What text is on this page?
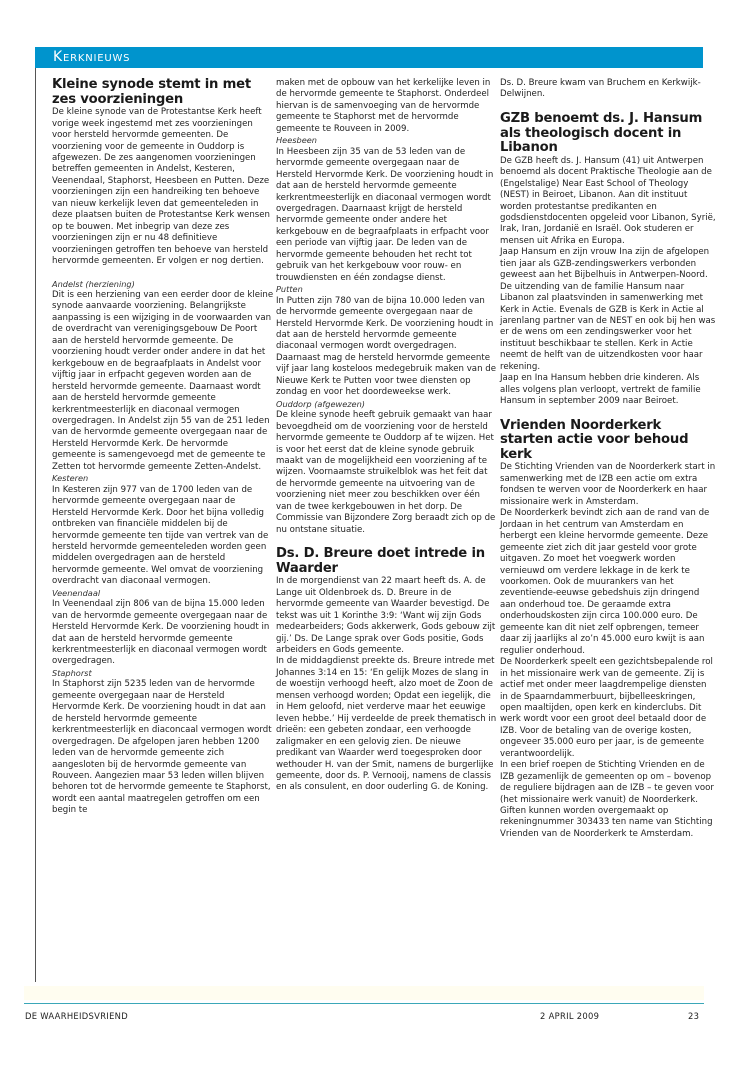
Kerknieuws
Kleine synode stemt in met zes voorzieningen

De kleine synode van de Protestantse Kerk heeft vorige week ingestemd met zes voorzieningen voor hersteld hervormde gemeenten. De voorziening voor de gemeente in Ouddorp is afgewezen. De zes aangenomen voorzieningen betreffen gemeenten in Andelst, Kesteren, Veenendaal, Staphorst, Heesbeen en Putten. Deze voorzieningen zijn een handreiking ten behoeve van nieuw kerkelijk leven dat gemeenteleden in deze plaatsen buiten de Protestantse Kerk wensen op te bouwen. Met inbegrip van deze zes voorzieningen zijn er nu 48 definitieve voorzieningen getroffen ten behoeve van hersteld hervormde gemeenten. Er volgen er nog dertien.

Andelst (herziening)

Dit is een herziening van een eerder door de kleine synode aanvaarde voorziening. Belangrijkste aanpassing is een wijziging in de voorwaarden van de overdracht van verenigingsgebouw De Poort aan de hersteld hervormde gemeente. De voorziening houdt verder onder andere in dat het kerkgebouw en de begraafplaats in Andelst voor vijftig jaar in erfpacht gegeven worden aan de hersteld hervormde gemeente. Daarnaast wordt aan de hersteld hervormde gemeente kerkrentmeesterlijk en diaconaal vermogen overgedragen. In Andelst zijn 55 van de 251 leden van de hervormde gemeente overgegaan naar de Hersteld Hervormde Kerk. De hervormde gemeente is samengevoegd met de gemeente te Zetten tot hervormde gemeente Zetten-Andelst.

Kesteren

In Kesteren zijn 977 van de 1700 leden van de hervormde gemeente overgegaan naar de Hersteld Hervormde Kerk. Door het bijna volledig ontbreken van financiële middelen bij de hervormde gemeente ten tijde van vertrek van de hersteld hervormde gemeenteleden worden geen middelen overgedragen aan de hersteld hervormde gemeente. Wel omvat de voorziening overdracht van diaconaal vermogen.

Veenendaal

In Veenendaal zijn 806 van de bijna 15.000 leden van de hervormde gemeente overgegaan naar de Hersteld Hervormde Kerk. De voorziening houdt in dat aan de hersteld hervormde gemeente kerkrentmeesterlijk en diaconaal vermogen wordt overgedragen.

Staphorst

In Staphorst zijn 5235 leden van de hervormde gemeente overgegaan naar de Hersteld Hervormde Kerk. De voorziening houdt in dat aan de hersteld hervormde gemeente kerkrentmeesterlijk en diaconcaal vermogen wordt overgedragen. De afgelopen jaren hebben 1200 leden van de hervormde gemeente zich aangesloten bij de hervormde gemeente van Rouveen. Aangezien maar 53 leden willen blijven behoren tot de hervormde gemeente te Staphorst, wordt een aantal maatregelen getroffen om een begin te

maken met de opbouw van het kerkelijke leven in de hervormde gemeente te Staphorst. Onderdeel hiervan is de samenvoeging van de hervormde gemeente te Staphorst met de hervormde gemeente te Rouveen in 2009.

Heesbeen

In Heesbeen zijn 35 van de 53 leden van de hervormde gemeente overgegaan naar de Hersteld Hervormde Kerk. De voorziening houdt in dat aan de hersteld hervormde gemeente kerkrentmeesterlijk en diaconaal vermogen wordt overgedragen. Daarnaast krijgt de hersteld hervormde gemeente onder andere het kerkgebouw en de begraafplaats in erfpacht voor een periode van vijftig jaar. De leden van de hervormde gemeente behouden het recht tot gebruik van het kerkgebouw voor rouw- en trouwdiensten en één zondagse dienst.

Putten

In Putten zijn 780 van de bijna 10.000 leden van de hervormde gemeente overgegaan naar de Hersteld Hervormde Kerk. De voorziening houdt in dat aan de hersteld hervormde gemeente diaconaal vermogen wordt overgedragen. Daarnaast mag de hersteld hervormde gemeente vijf jaar lang kosteloos medegebruik maken van de Nieuwe Kerk te Putten voor twee diensten op zondag en voor het doordeweekse werk.

Ouddorp (afgewezen)

De kleine synode heeft gebruik gemaakt van haar bevoegdheid om de voorziening voor de hersteld hervormde gemeente te Ouddorp af te wijzen. Het is voor het eerst dat de kleine synode gebruik maakt van de mogelijkheid een voorziening af te wijzen. Voornaamste struikelblok was het feit dat de hervormde gemeente na uitvoering van de voorziening niet meer zou beschikken over één van de twee kerkgebouwen in het dorp. De Commissie van Bijzondere Zorg beraadt zich op de nu ontstane situatie.

Ds. D. Breure doet intrede in Waarder

In de morgendienst van 22 maart heeft ds. A. de Lange uit Oldenbroek ds. D. Breure in de hervormde gemeente van Waarder bevestigd. De tekst was uit 1 Korinthe 3:9: ‘Want wij zijn Gods medearbeiders; Gods akkerwerk, Gods gebouw zijt gij.’ Ds. De Lange sprak over Gods positie, Gods arbeiders en Gods gemeente.

In de middagdienst preekte ds. Breure intrede met Johannes 3:14 en 15: ‘En gelijk Mozes de slang in de woestijn verhoogd heeft, alzo moet de Zoon de mensen verhoogd worden; Opdat een iegelijk, die in Hem geloofd, niet verderve maar het eeuwige leven hebbe.’ Hij verdeelde de preek thematisch in drieën: een gebeten zondaar, een verhoogde zaligmaker en een gelovig zien. De nieuwe predikant van Waarder werd toegesproken door wethouder H. van der Smit, namens de burgerlijke gemeente, door ds. P. Vernooij, namens de classis en als consulent, en door ouderling G. de Koning.

Ds. D. Breure kwam van Bruchem en Kerkwijk-Delwijnen.

GZB benoemt ds. J. Hansum als theologisch docent in Libanon

De GZB heeft ds. J. Hansum (41) uit Antwerpen benoemd als docent Praktische Theologie aan de (Engelstalige) Near East School of Theology (NEST) in Beiroet, Libanon. Aan dit instituut worden protestantse predikanten en godsdienstdocenten opgeleid voor Libanon, Syrië, Irak, Iran, Jordanië en Israël. Ook studeren er mensen uit Afrika en Europa.

Jaap Hansum en zijn vrouw Ina zijn de afgelopen tien jaar als GZB-zendingswerkers verbonden geweest aan het Bijbelhuis in Antwerpen-Noord.

De uitzending van de familie Hansum naar Libanon zal plaatsvinden in samenwerking met Kerk in Actie. Evenals de GZB is Kerk in Actie al jarenlang partner van de NEST en ook bij hen was er de wens om een zendingswerker voor het instituut beschikbaar te stellen. Kerk in Actie neemt de helft van de uitzendkosten voor haar rekening.

Jaap en Ina Hansum hebben drie kinderen. Als alles volgens plan verloopt, vertrekt de familie Hansum in september 2009 naar Beiroet.

Vrienden Noorderkerk starten actie voor behoud kerk

De Stichting Vrienden van de Noorderkerk start in samenwerking met de IZB een actie om extra fondsen te werven voor de Noorderkerk en haar missionaire werk in Amsterdam.

De Noorderkerk bevindt zich aan de rand van de Jordaan in het centrum van Amsterdam en herbergt een kleine hervormde gemeente. Deze gemeente ziet zich dit jaar gesteld voor grote uitgaven. Zo moet het voegwerk worden vernieuwd om verdere lekkage in de kerk te voorkomen. Ook de muurankers van het zeventiende-eeuwse gebedshuis zijn dringend aan onderhoud toe. De geraamde extra onderhoudskosten zijn circa 100.000 euro. De gemeente kan dit niet zelf opbrengen, temeer daar zij jaarlijks al zo’n 45.000 euro kwijt is aan regulier onderhoud.

De Noorderkerk speelt een gezichtsbepalende rol in het missionaire werk van de gemeente. Zij is actief met onder meer laagdrempelige diensten in de Spaarndammerbuurt, bijbelleeskringen, open maaltijden, open kerk en kinderclubs. Dit werk wordt voor een groot deel betaald door de IZB. Voor de betaling van de overige kosten, ongeveer 35.000 euro per jaar, is de gemeente verantwoordelijk.

In een brief roepen de Stichting Vrienden en de IZB gezamenlijk de gemeenten op om – bovenop de reguliere bijdragen aan de IZB – te geven voor (het missionaire werk vanuit) de Noorderkerk.

Giften kunnen worden overgemaakt op rekeningnummer 303433 ten name van Stichting Vrienden van de Noorderkerk te Amsterdam.

DE WAARHEIDSVRIEND	2 APRIL 2009	23
